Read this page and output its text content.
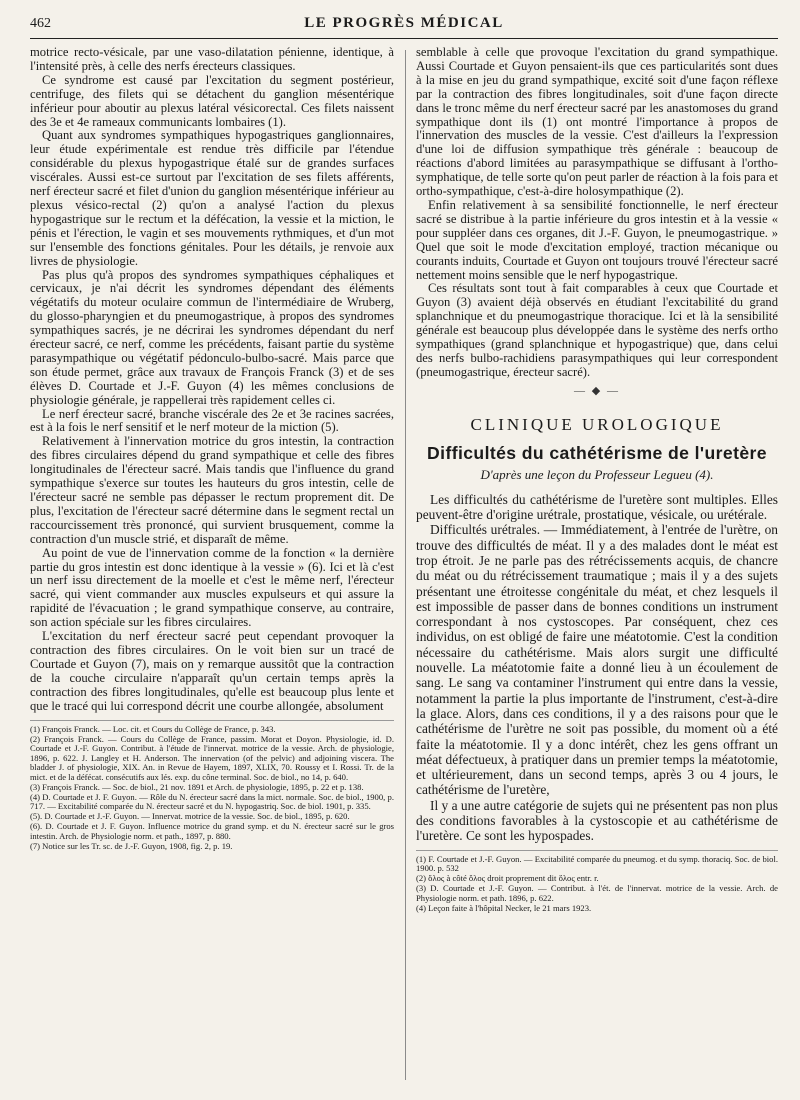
462	LE PROGRÈS MÉDICAL

motrice recto-vésicale, par une vaso-dilatation pénienne, identique, à l'intensité près, à celle des nerfs érecteurs classiques.

Ce syndrome est causé par l'excitation du segment postérieur, centrifuge, des filets qui se détachent du ganglion mésentérique inférieur pour aboutir au plexus latéral vésicorectal. Ces filets naissent des 3e et 4e rameaux communicants lombaires (1).

Quant aux syndromes sympathiques hypogastriques ganglionnaires, leur étude expérimentale est rendue très difficile par l'étendue considérable du plexus hypogastrique étalé sur de grandes surfaces viscérales. Aussi est-ce surtout par l'excitation de ses filets afférents, nerf érecteur sacré et filet d'union du ganglion mésentérique inférieur au plexus vésico-rectal (2) qu'on a analysé l'action du plexus hypogastrique sur le rectum et la défécation, la vessie et la miction, le pénis et l'érection, le vagin et ses mouvements rythmiques, et d'un mot sur l'ensemble des fonctions génitales. Pour les détails, je renvoie aux livres de physiologie.

Pas plus qu'à propos des syndromes sympathiques céphaliques et cervicaux, je n'ai décrit les syndromes dépendant des éléments végétatifs du moteur oculaire commun de l'intermédiaire de Wruberg, du glosso-pharyngien et du pneumogastrique, à propos des syndromes sympathiques sacrés, je ne décrirai les syndromes dépendant du nerf érecteur sacré, ce nerf, comme les précédents, faisant partie du système parasympathique ou végétatif pédonculo-bulbo-sacré. Mais parce que son étude permet, grâce aux travaux de François Franck (3) et de ses élèves D. Courtade et J.-F. Guyon (4) les mêmes conclusions de physiologie générale, je rappellerai très rapidement celles ci.

Le nerf érecteur sacré, branche viscérale des 2e et 3e racines sacrées, est à la fois le nerf sensitif et le nerf moteur de la miction (5).

Relativement à l'innervation motrice du gros intestin, la contraction des fibres circulaires dépend du grand sympathique et celle des fibres longitudinales de l'érecteur sacré. Mais tandis que l'influence du grand sympathique s'exerce sur toutes les hauteurs du gros intestin, celle de l'érecteur sacré ne semble pas dépasser le rectum proprement dit. De plus, l'excitation de l'érecteur sacré détermine dans le segment rectal un raccourcissement très prononcé, qui survient brusquement, comme la contraction d'un muscle strié, et disparaît de même.

Au point de vue de l'innervation comme de la fonction « la dernière partie du gros intestin est donc identique à la vessie » (6). Ici et là c'est un nerf issu directement de la moelle et c'est le même nerf, l'érecteur sacré, qui vient commander aux muscles expulseurs et qui assure la rapidité de l'évacuation ; le grand sympathique conserve, au contraire, son action spéciale sur les fibres circulaires.

L'excitation du nerf érecteur sacré peut cependant provoquer la contraction des fibres circulaires. On le voit bien sur un tracé de Courtade et Guyon (7), mais on y remarque aussitôt que la contraction de la couche circulaire n'apparaît qu'un certain temps après la contraction des fibres longitudinales, qu'elle est beaucoup plus lente et que le tracé qui lui correspond décrit une courbe allongée, absolument

(1) François Franck. — Loc. cit. et Cours du Collège de France, p. 343.

(2) François Franck. — Cours du Collège de France, passim. Morat et Doyon. Physiologie, id. D. Courtade et J.-F. Guyon. Contribut. à l'étude de l'innervat. motrice de la vessie. Arch. de physiologie, 1896, p. 622. J. Langley et H. Anderson. The innervation (of the pelvic) and adjoining viscera. The bladder J. of physiologie, XIX. An. in Revue de Hayem, 1897, XLIX, 70. Roussy et I. Rossi. Tr. de la mict. et de la défécat. consécutifs aux lés. exp. du cône terminal. Soc. de biol., no 14, p. 640.

(3) François Franck. — Soc. de biol., 21 nov. 1891 et Arch. de physiologie, 1895, p. 22 et p. 138.

(4) D. Courtade et J. F. Guyon. — Rôle du N. érecteur sacré dans la mict. normale. Soc. de biol., 1900, p. 717. — Excitabilité comparée du N. érecteur sacré et du N. hypogastriq. Soc. de biol. 1901, p. 335.

(5). D. Courtade et J.-F. Guyon. — Innervat. motrice de la vessie. Soc. de biol., 1895, p. 620.

(6). D. Courtade et J. F. Guyon. Influence motrice du grand symp. et du N. érecteur sacré sur le gros intestin. Arch. de Physiologie norm. et path., 1897, p. 880.

(7) Notice sur les Tr. sc. de J.-F. Guyon, 1908, fig. 2, p. 19.

semblable à celle que provoque l'excitation du grand sympathique. Aussi Courtade et Guyon pensaient-ils que ces particularités sont dues à la mise en jeu du grand sympathique, excité soit d'une façon réflexe par la contraction des fibres longitudinales, soit d'une façon directe dans le tronc même du nerf érecteur sacré par les anastomoses du grand sympathique dont ils (1) ont montré l'importance à propos de l'innervation des muscles de la vessie. C'est d'ailleurs la l'expression d'une loi de diffusion sympathique très générale : beaucoup de réactions d'abord limitées au parasympathique se diffusant à l'ortho-symphatique, de telle sorte qu'on peut parler de réaction à la fois para et ortho-sympathique, c'est-à-dire holosympathique (2).

Enfin relativement à sa sensibilité fonctionnelle, le nerf érecteur sacré se distribue à la partie inférieure du gros intestin et à la vessie « pour suppléer dans ces organes, dit J.-F. Guyon, le pneumogastrique. » Quel que soit le mode d'excitation employé, traction mécanique ou courants induits, Courtade et Guyon ont toujours trouvé l'érecteur sacré nettement moins sensible que le nerf hypogastrique.

Ces résultats sont tout à fait comparables à ceux que Courtade et Guyon (3) avaient déjà observés en étudiant l'excitabilité du grand splanchnique et du pneumogastrique thoracique. Ici et là la sensibilité générale est beaucoup plus développée dans le système des nerfs ortho sympathiques (grand splanchnique et hypogastrique) que, dans celui des nerfs bulbo-rachidiens parasympathiques qui leur correspondent (pneumogastrique, érecteur sacré).

— ◆ —
CLINIQUE UROLOGIQUE
Difficultés du cathétérisme de l'uretère
D'après une leçon du Professeur Legueu (4).

Les difficultés du cathétérisme de l'uretère sont multiples. Elles peuvent-être d'origine urétrale, prostatique, vésicale, ou urétérale.

Difficultés urétrales. — Immédiatement, à l'entrée de l'urètre, on trouve des difficultés de méat. Il y a des malades dont le méat est trop étroit. Je ne parle pas des rétrécissements acquis, de chancre du méat ou du rétrécissement traumatique ; mais il y a des sujets présentant une étroitesse congénitale du méat, et chez lesquels il est impossible de passer dans de bonnes conditions un instrument correspondant à nos cystoscopes. Par conséquent, chez ces individus, on est obligé de faire une méatotomie. C'est la condition nécessaire du cathétérisme. Mais alors surgit une difficulté nouvelle. La méatotomie faite a donné lieu à un écoulement de sang. Le sang va contaminer l'instrument qui entre dans la vessie, notamment la partie la plus importante de l'instrument, c'est-à-dire la glace. Alors, dans ces conditions, il y a des raisons pour que le cathétérisme de l'urètre ne soit pas possible, du moment où a été faite la méatotomie. Il y a donc intérêt, chez les gens offrant un méat défectueux, à pratiquer dans un premier temps la méatotomie, et ultérieurement, dans un second temps, après 3 ou 4 jours, le cathétérisme de l'uretère,

Il y a une autre catégorie de sujets qui ne présentent pas non plus des conditions favorables à la cystoscopie et au cathétérisme de l'uretère. Ce sont les hypospades.

(1) F. Courtade et J.-F. Guyon. — Excitabilité comparée du pneumog. et du symp. thoraciq. Soc. de biol. 1900. p. 532

(2) ὅλος à côté ὅλος droit proprement dit ὅλος entr. r.

(3) D. Courtade et J.-F. Guyon. — Contribut. à l'ét. de l'innervat. motrice de la vessie. Arch. de Physiologie norm. et path. 1896, p. 622.

(4) Leçon faite à l'hôpital Necker, le 21 mars 1923.
